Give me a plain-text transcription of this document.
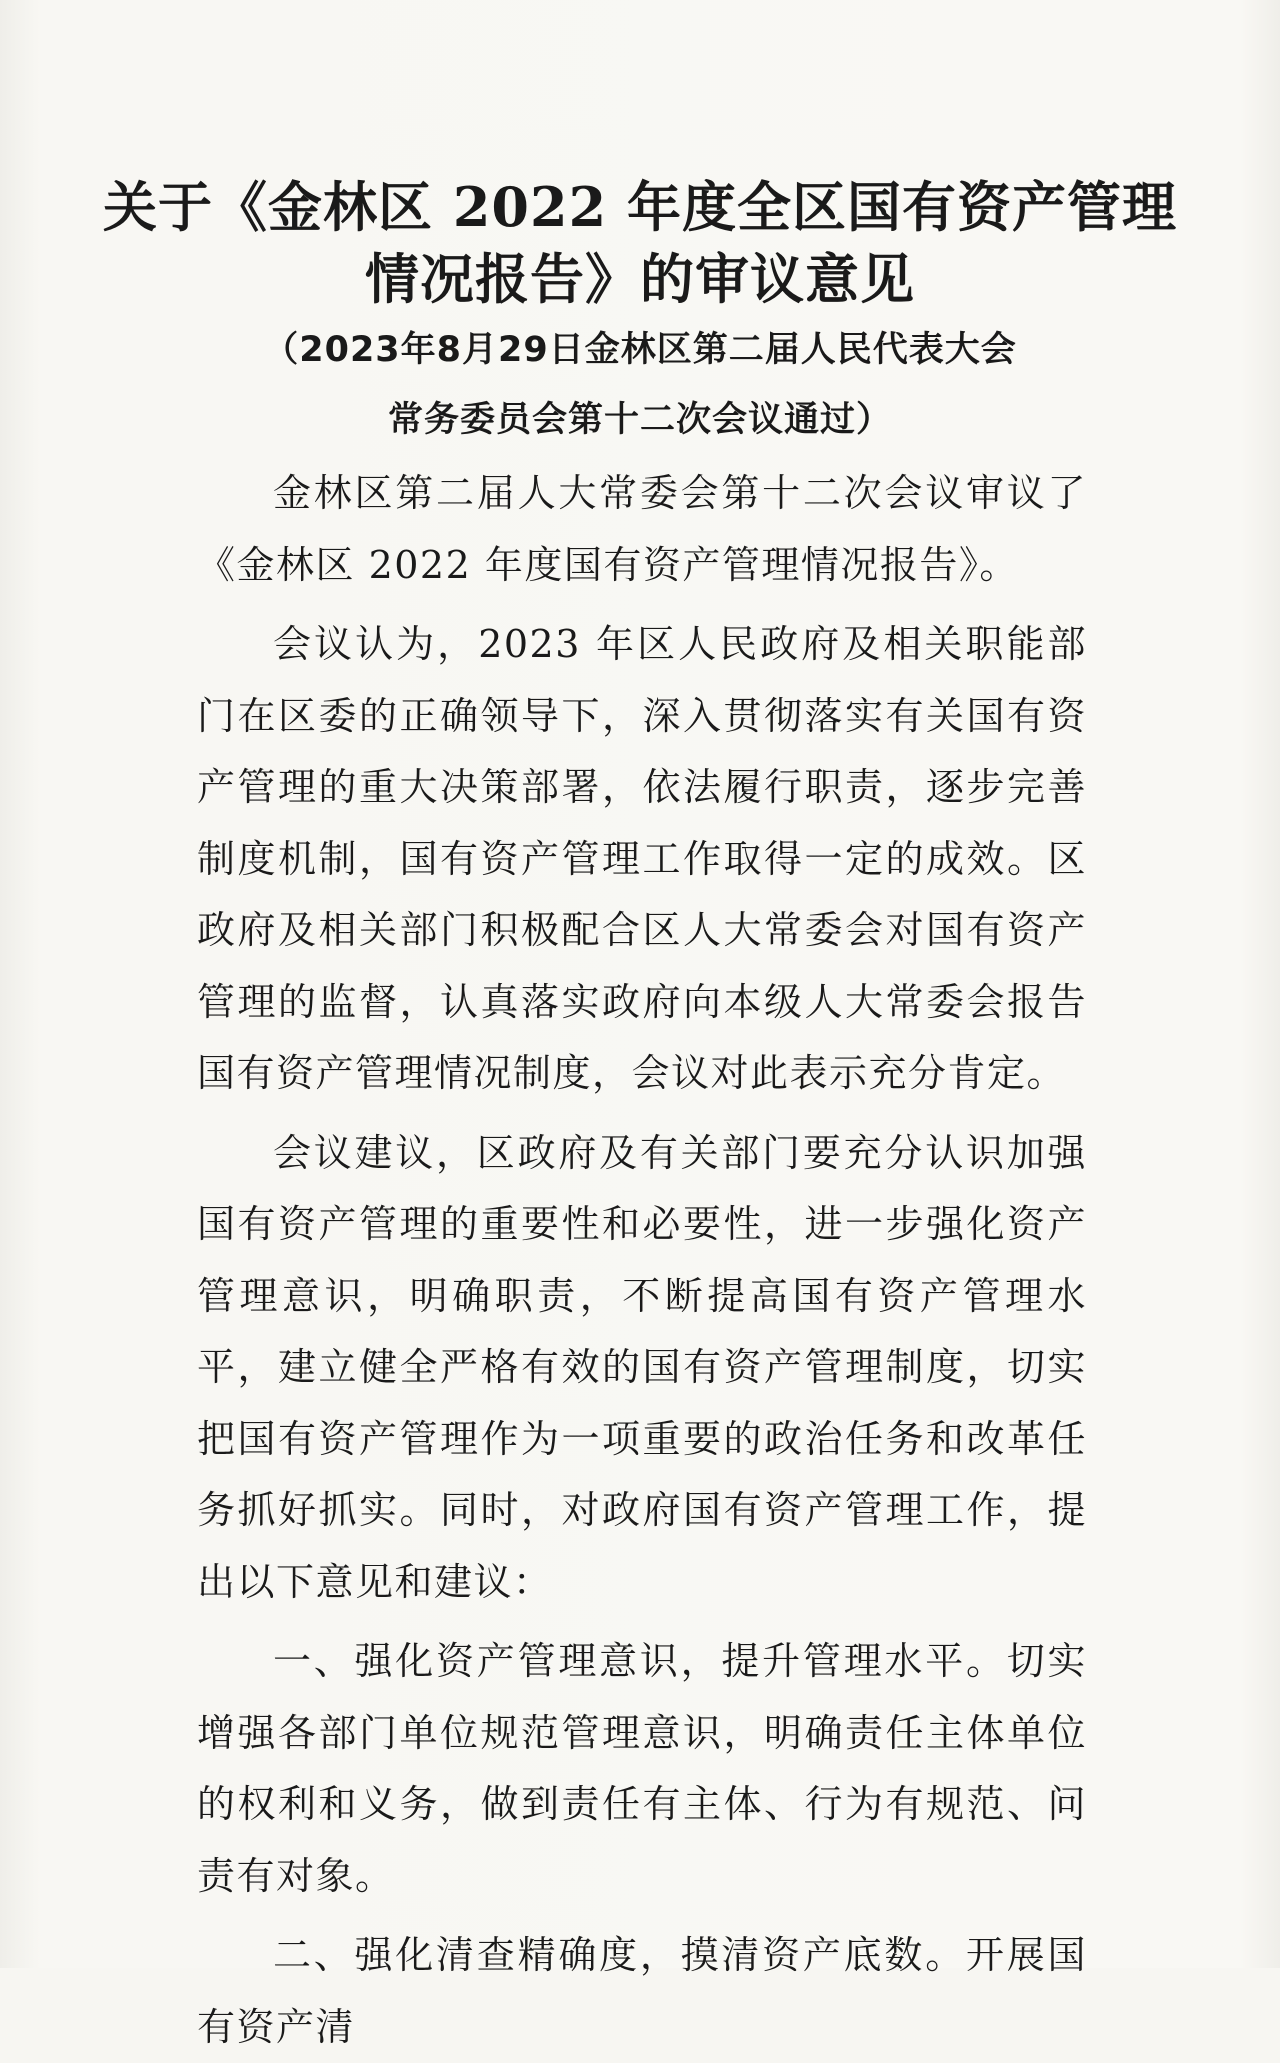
关于《金林区 2022 年度全区国有资产管理
情况报告》的审议意见
（2023年8月29日金林区第二届人民代表大会
常务委员会第十二次会议通过）

金林区第二届人大常委会第十二次会议审议了《金林区 2022 年度国有资产管理情况报告》。

会议认为，2023 年区人民政府及相关职能部门在区委的正确领导下，深入贯彻落实有关国有资产管理的重大决策部署，依法履行职责，逐步完善制度机制，国有资产管理工作取得一定的成效。区政府及相关部门积极配合区人大常委会对国有资产管理的监督，认真落实政府向本级人大常委会报告国有资产管理情况制度，会议对此表示充分肯定。

会议建议，区政府及有关部门要充分认识加强国有资产管理的重要性和必要性，进一步强化资产管理意识，明确职责，不断提高国有资产管理水平，建立健全严格有效的国有资产管理制度，切实把国有资产管理作为一项重要的政治任务和改革任务抓好抓实。同时，对政府国有资产管理工作，提出以下意见和建议：

一、强化资产管理意识，提升管理水平。切实增强各部门单位规范管理意识，明确责任主体单位的权利和义务，做到责任有主体、行为有规范、问责有对象。

二、强化清查精确度，摸清资产底数。开展国有资产清
